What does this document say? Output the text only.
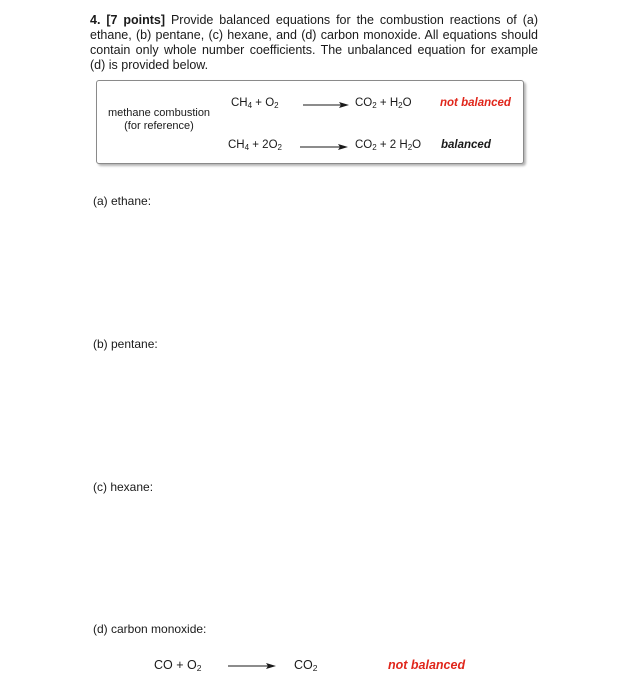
4. [7 points] Provide balanced equations for the combustion reactions of (a) ethane, (b) pentane, (c) hexane, and (d) carbon monoxide. All equations should contain only whole number coefficients. The unbalanced equation for example (d) is provided below.
methane combustion
(for reference)
$CH_4 + O_2$	$CO_2 + H_2O$ not balanced
$CH_4 + 2O_2$	$CO_2 + 2$ $H_2O$ balanced
(a) ethane:
(b) pentane:
(c) hexane:
(d) carbon monoxide:
CO + $O_2$	$CO_2$	not balanced
